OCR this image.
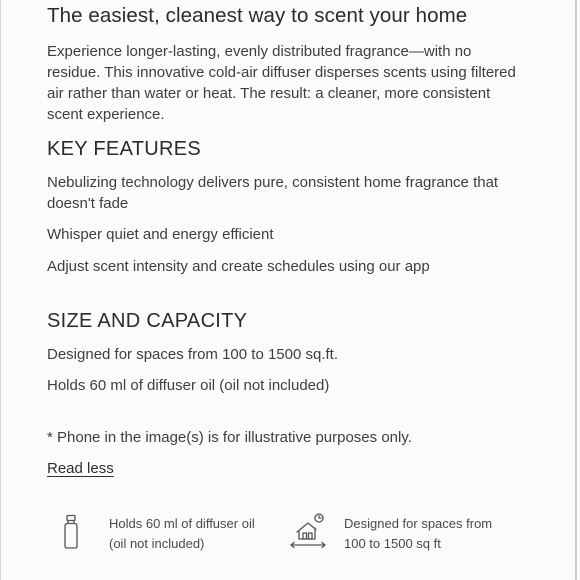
The easiest, cleanest way to scent your home

Experience longer-lasting, evenly distributed fragrance—with no residue. This innovative cold-air diffuser disperses scents using filtered air rather than water or heat. The result: a cleaner, more consistent scent experience.

KEY FEATURES

Nebulizing technology delivers pure, consistent home fragrance that doesn't fade

Whisper quiet and energy efficient

Adjust scent intensity and create schedules using our app

SIZE AND CAPACITY

Designed for spaces from 100 to 1500 sq.ft.

Holds 60 ml of diffuser oil (oil not included)

* Phone in the image(s) is for illustrative purposes only.

Read less
Holds 60 ml of diffuser oil
(oil not included)
Designed for spaces from
100 to 1500 sq ft
